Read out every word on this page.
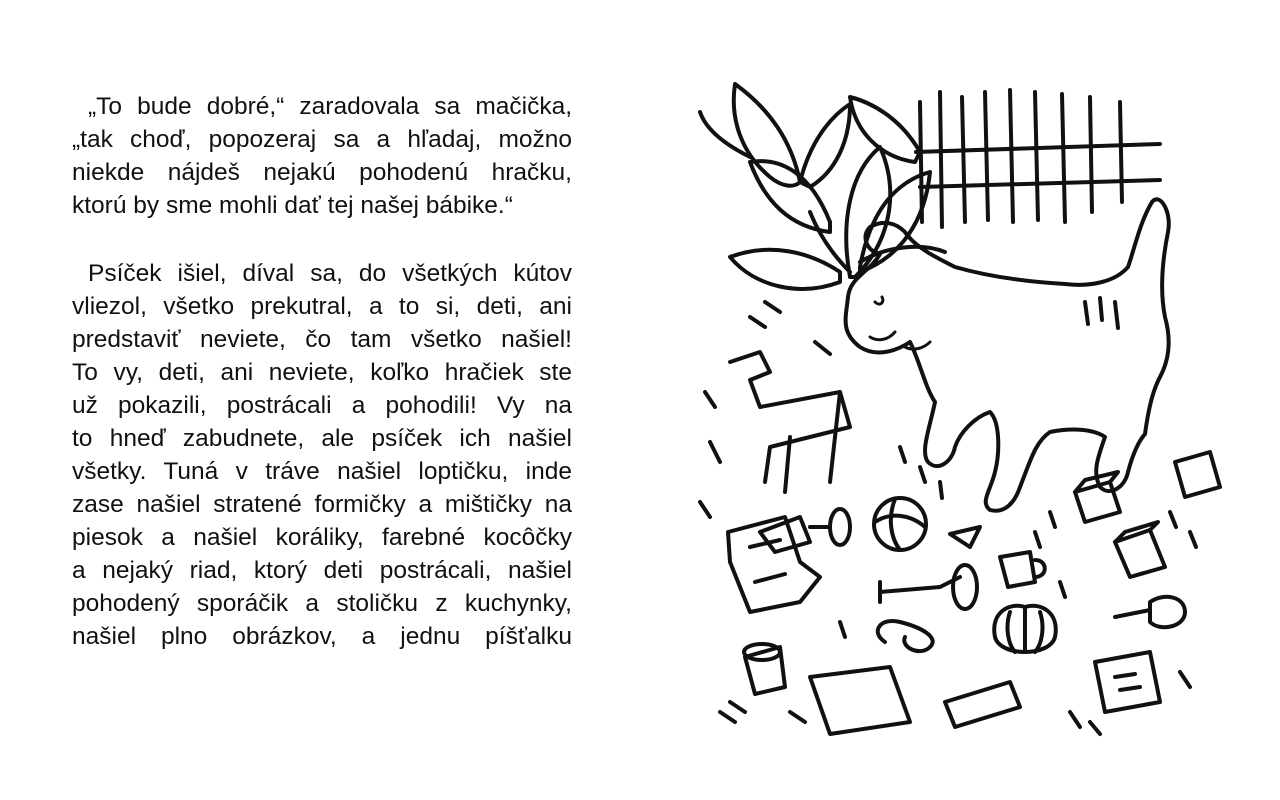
„To bude dobré,“ zaradovala sa mačička,
„tak choď, popozeraj sa a hľadaj, možno
niekde nájdeš nejakú pohodenú hračku,
ktorú by sme mohli dať tej našej bábike.“

Psíček išiel, díval sa, do všetkých kútov
vliezol, všetko prekutral, a to si, deti, ani
predstaviť neviete, čo tam všetko našiel!
To vy, deti, ani neviete, koľko hračiek ste
už pokazili, postrácali a pohodili! Vy na
to hneď zabudnete, ale psíček ich našiel
všetky. Tuná v tráve našiel loptičku, inde
zase našiel stratené formičky a mištičky na
piesok a našiel koráliky, farebné kocôčky
a nejaký riad, ktorý deti postrácali, našiel
pohodený sporáčik a stoličku z kuchynky,
našiel plno obrázkov, a jednu píšťalku
